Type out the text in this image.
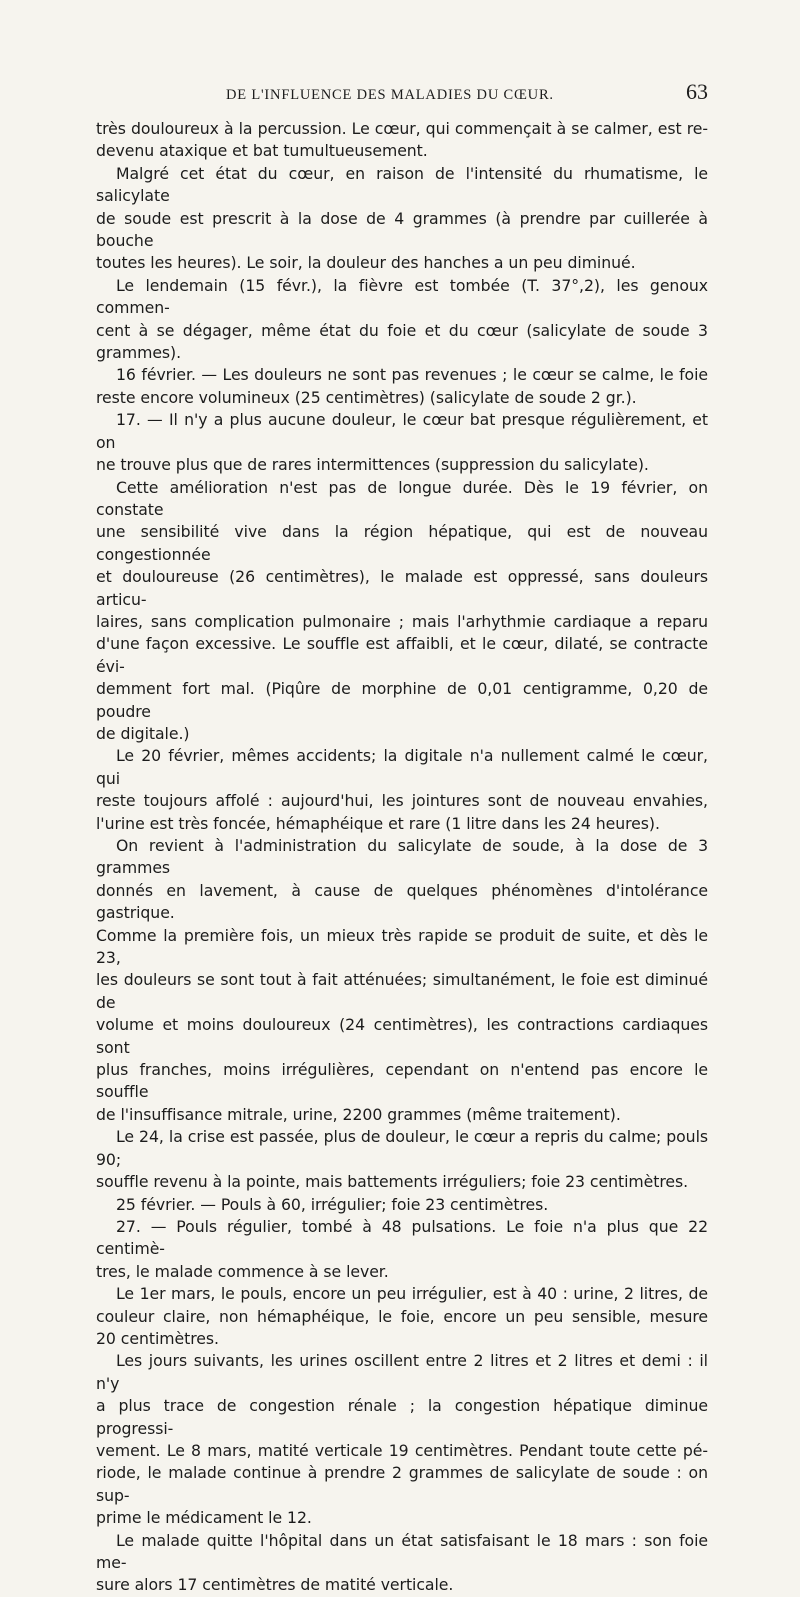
DE L'INFLUENCE DES MALADIES DU CŒUR.	63
très douloureux à la percussion. Le cœur, qui commençait à se calmer, est re-
devenu ataxique et bat tumultueusement.
Malgré cet état du cœur, en raison de l'intensité du rhumatisme, le salicylate
de soude est prescrit à la dose de 4 grammes (à prendre par cuillerée à bouche
toutes les heures). Le soir, la douleur des hanches a un peu diminué.
Le lendemain (15 févr.), la fièvre est tombée (T. 37°,2), les genoux commen-
cent à se dégager, même état du foie et du cœur (salicylate de soude 3 grammes).
16 février. — Les douleurs ne sont pas revenues ; le cœur se calme, le foie
reste encore volumineux (25 centimètres) (salicylate de soude 2 gr.).
17. — Il n'y a plus aucune douleur, le cœur bat presque régulièrement, et on
ne trouve plus que de rares intermittences (suppression du salicylate).
Cette amélioration n'est pas de longue durée. Dès le 19 février, on constate
une sensibilité vive dans la région hépatique, qui est de nouveau congestionnée
et douloureuse (26 centimètres), le malade est oppressé, sans douleurs articu-
laires, sans complication pulmonaire ; mais l'arhythmie cardiaque a reparu
d'une façon excessive. Le souffle est affaibli, et le cœur, dilaté, se contracte évi-
demment fort mal. (Piqûre de morphine de 0,01 centigramme, 0,20 de poudre
de digitale.)
Le 20 février, mêmes accidents; la digitale n'a nullement calmé le cœur, qui
reste toujours affolé : aujourd'hui, les jointures sont de nouveau envahies,
l'urine est très foncée, hémaphéique et rare (1 litre dans les 24 heures).
On revient à l'administration du salicylate de soude, à la dose de 3 grammes
donnés en lavement, à cause de quelques phénomènes d'intolérance gastrique.
Comme la première fois, un mieux très rapide se produit de suite, et dès le 23,
les douleurs se sont tout à fait atténuées; simultanément, le foie est diminué de
volume et moins douloureux (24 centimètres), les contractions cardiaques sont
plus franches, moins irrégulières, cependant on n'entend pas encore le souffle
de l'insuffisance mitrale, urine, 2200 grammes (même traitement).
Le 24, la crise est passée, plus de douleur, le cœur a repris du calme; pouls 90;
souffle revenu à la pointe, mais battements irréguliers; foie 23 centimètres.
25 février. — Pouls à 60, irrégulier; foie 23 centimètres.
27. — Pouls régulier, tombé à 48 pulsations. Le foie n'a plus que 22 centimè-
tres, le malade commence à se lever.
Le 1er mars, le pouls, encore un peu irrégulier, est à 40 : urine, 2 litres, de
couleur claire, non hémaphéique, le foie, encore un peu sensible, mesure
20 centimètres.
Les jours suivants, les urines oscillent entre 2 litres et 2 litres et demi : il n'y
a plus trace de congestion rénale ; la congestion hépatique diminue progressi-
vement. Le 8 mars, matité verticale 19 centimètres. Pendant toute cette pé-
riode, le malade continue à prendre 2 grammes de salicylate de soude : on sup-
prime le médicament le 12.
Le malade quitte l'hôpital dans un état satisfaisant le 18 mars : son foie me-
sure alors 17 centimètres de matité verticale.
